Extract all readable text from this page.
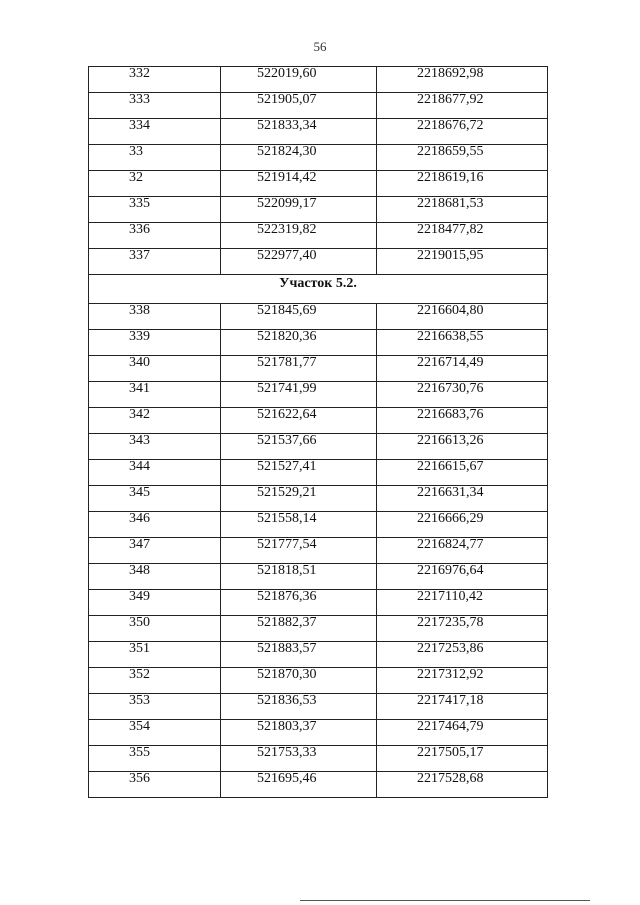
56
332	522019,60	2218692,98
333	521905,07	2218677,92
334	521833,34	2218676,72
33	521824,30	2218659,55
32	521914,42	2218619,16
335	522099,17	2218681,53
336	522319,82	2218477,82
337	522977,40	2219015,95
Участок 5.2.		
338	521845,69	2216604,80
339	521820,36	2216638,55
340	521781,77	2216714,49
341	521741,99	2216730,76
342	521622,64	2216683,76
343	521537,66	2216613,26
344	521527,41	2216615,67
345	521529,21	2216631,34
346	521558,14	2216666,29
347	521777,54	2216824,77
348	521818,51	2216976,64
349	521876,36	2217110,42
350	521882,37	2217235,78
351	521883,57	2217253,86
352	521870,30	2217312,92
353	521836,53	2217417,18
354	521803,37	2217464,79
355	521753,33	2217505,17
356	521695,46	2217528,68
